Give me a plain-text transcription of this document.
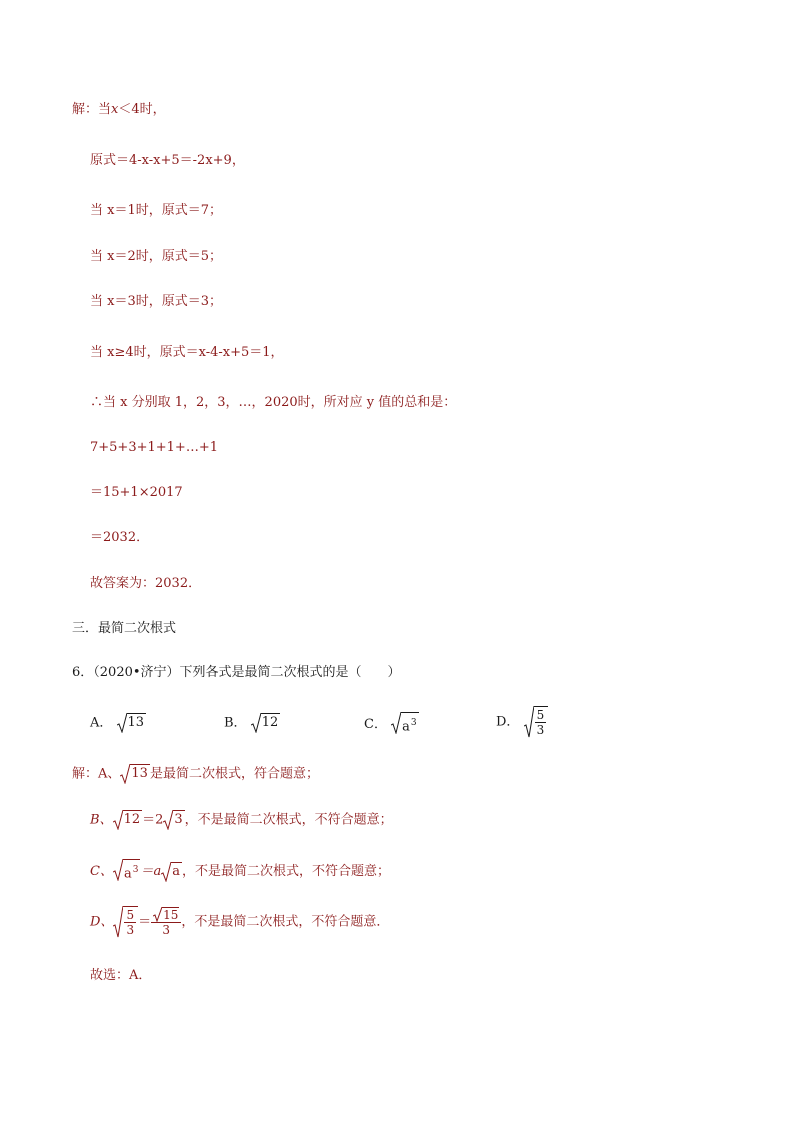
解：当x＜4时，
原式＝4-x-x+5＝-2x+9，
当 x＝1时，原式＝7；
当 x＝2时，原式＝5；
当 x＝3时，原式＝3；
当 x≥4时，原式＝x-4-x+5＝1，
∴当 x 分别取 1，2，3，…，2020时，所对应 y 值的总和是：
7+5+3+1+1+…+1
＝15+1×2017
＝2032．
故答案为：2032．
三．最简二次根式
6．（2020•济宁）下列各式是最简二次根式的是（　　）
A． 13	B． 12	C． $a^3$	D． $\frac{5}{3}$
解：A、 13 是最简二次根式，符合题意；
B、 12 ＝2 3 ，不是最简二次根式，不符合题意；
C、 $a^3 =a$ a ，不是最简二次根式，不符合题意；
D、 $\frac{5}{3} = \frac{15}{3}$ ，不是最简二次根式，不符合题意．
故选：A．
